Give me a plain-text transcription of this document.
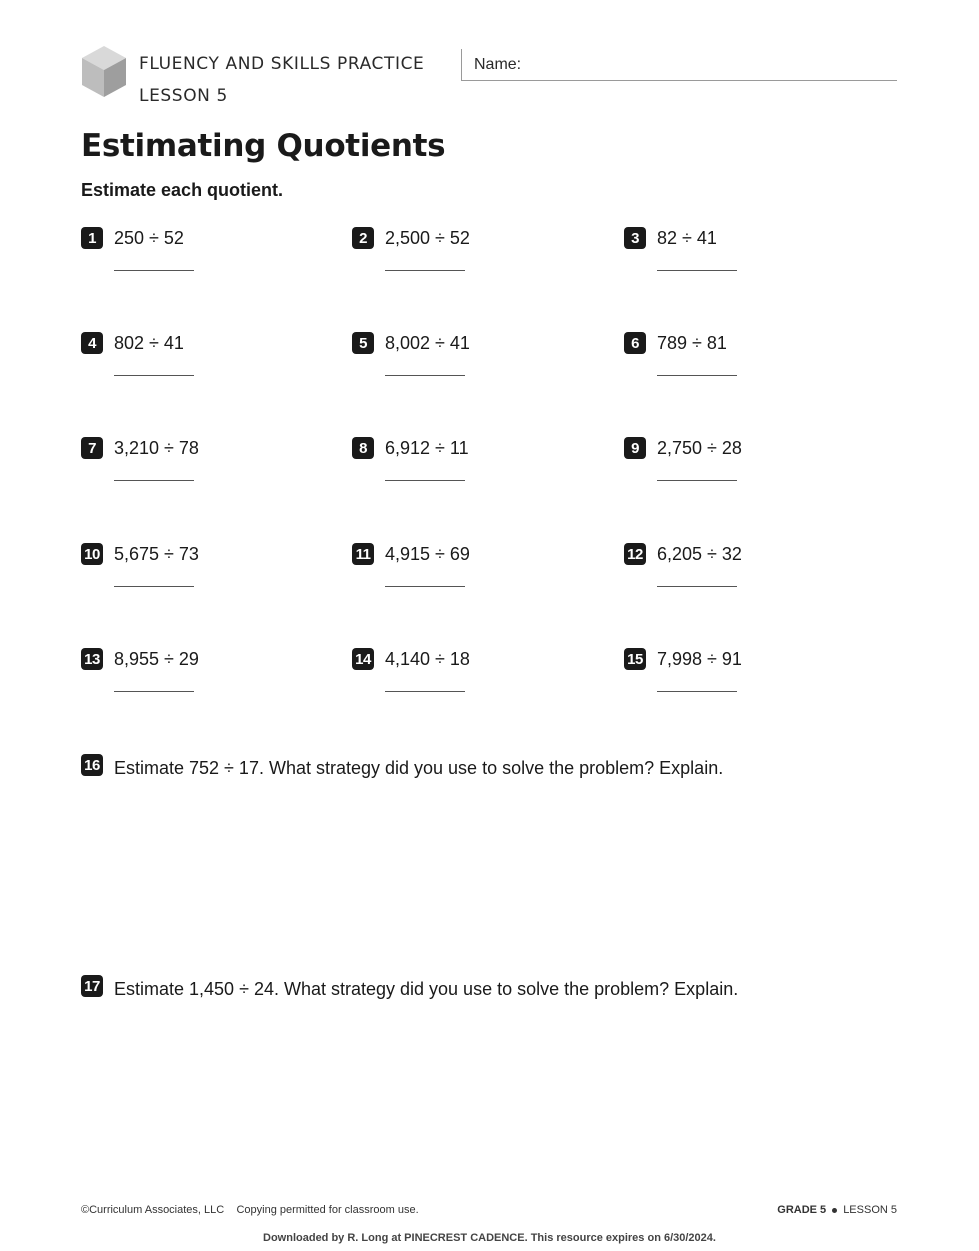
FLUENCY AND SKILLS PRACTICE
LESSON 5
Name:
Estimating Quotients
Estimate each quotient.
1	250 ÷ 52	2	2,500 ÷ 52	3	82 ÷ 41
4	802 ÷ 41	5	8,002 ÷ 41	6	789 ÷ 81
7	3,210 ÷ 78	8	6,912 ÷ 11	9	2,750 ÷ 28
10 5,675 ÷ 73	11 4,915 ÷ 69	12 6,205 ÷ 32
13 8,955 ÷ 29	14 4,140 ÷ 18	15 7,998 ÷ 91
16 Estimate 752 ÷ 17. What strategy did you use to solve the problem? Explain.
17 Estimate 1,450 ÷ 24. What strategy did you use to solve the problem? Explain.
©Curriculum Associates, LLC Copying permitted for classroom use.	GRADE 5 LESSON 5
Downloaded by R. Long at PINECREST CADENCE. This resource expires on 6/30/2024.
